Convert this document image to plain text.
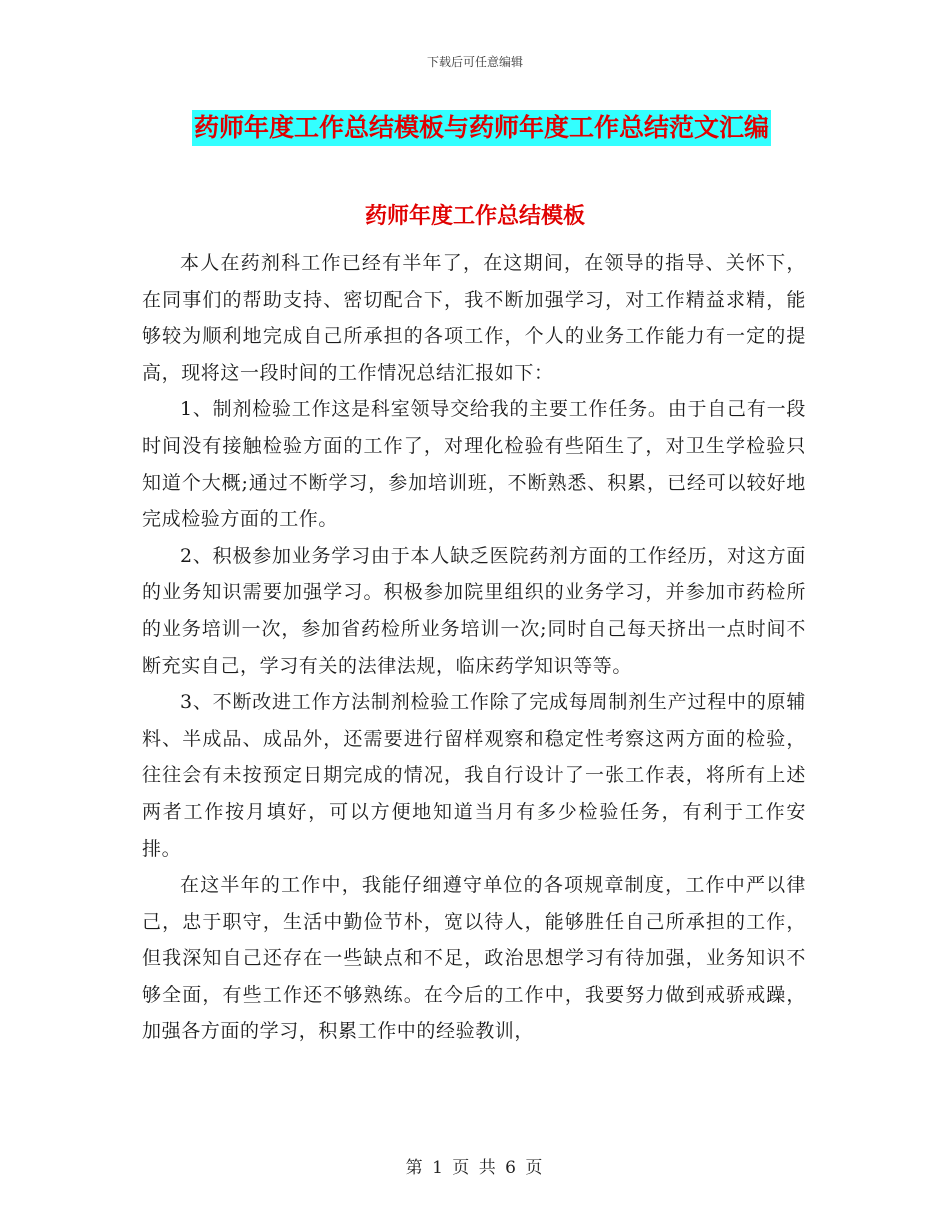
下载后可任意编辑
药师年度工作总结模板与药师年度工作总结范文汇编
药师年度工作总结模板

本人在药剂科工作已经有半年了，在这期间，在领导的指导、关怀下，在同事们的帮助支持、密切配合下，我不断加强学习，对工作精益求精，能够较为顺利地完成自己所承担的各项工作，个人的业务工作能力有一定的提高，现将这一段时间的工作情况总结汇报如下：

1、制剂检验工作这是科室领导交给我的主要工作任务。由于自己有一段时间没有接触检验方面的工作了，对理化检验有些陌生了，对卫生学检验只知道个大概;通过不断学习，参加培训班，不断熟悉、积累，已经可以较好地完成检验方面的工作。

2、积极参加业务学习由于本人缺乏医院药剂方面的工作经历，对这方面的业务知识需要加强学习。积极参加院里组织的业务学习，并参加市药检所的业务培训一次，参加省药检所业务培训一次;同时自己每天挤出一点时间不断充实自己，学习有关的法律法规，临床药学知识等等。

3、不断改进工作方法制剂检验工作除了完成每周制剂生产过程中的原辅料、半成品、成品外，还需要进行留样观察和稳定性考察这两方面的检验，往往会有未按预定日期完成的情况，我自行设计了一张工作表，将所有上述两者工作按月填好，可以方便地知道当月有多少检验任务，有利于工作安排。

在这半年的工作中，我能仔细遵守单位的各项规章制度，工作中严以律己，忠于职守，生活中勤俭节朴，宽以待人，能够胜任自己所承担的工作，但我深知自己还存在一些缺点和不足，政治思想学习有待加强，业务知识不够全面，有些工作还不够熟练。在今后的工作中，我要努力做到戒骄戒躁，加强各方面的学习，积累工作中的经验教训，

第 1 页 共 6 页
